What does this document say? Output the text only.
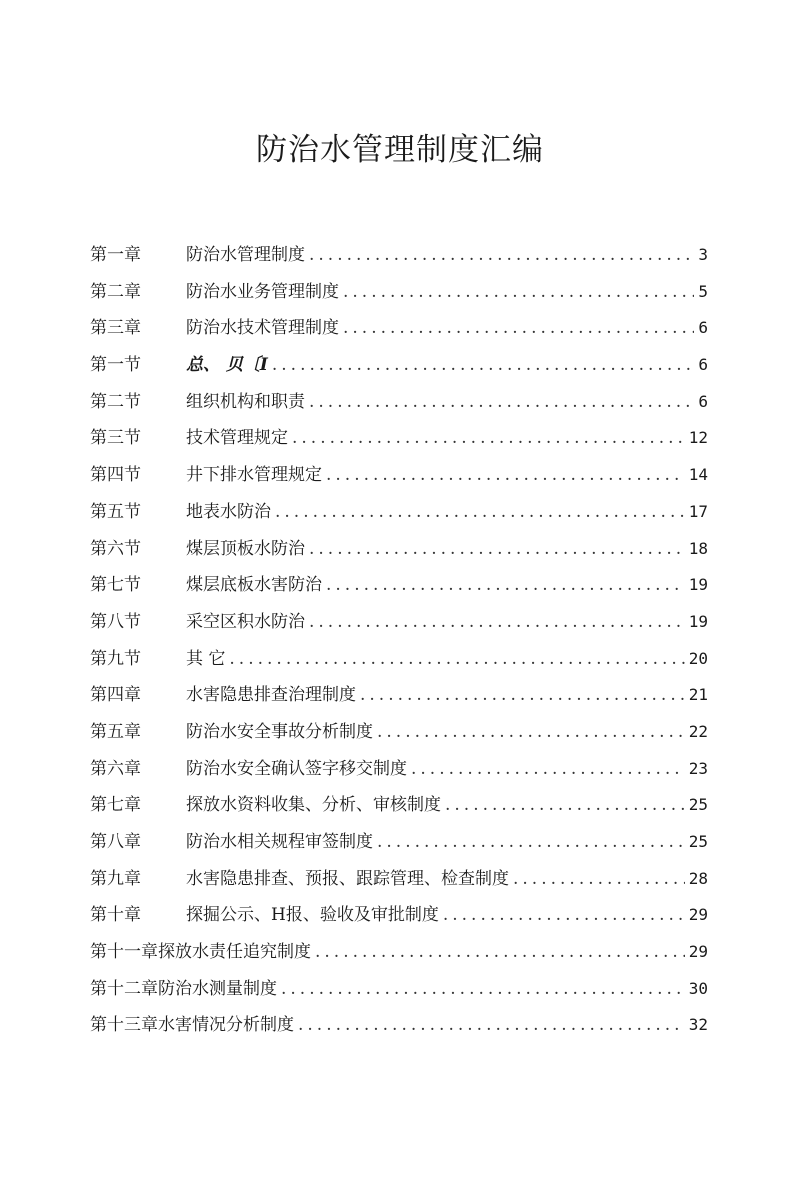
防治水管理制度汇编
第一章	防治水管理制度 .....	3
第二章	防治水业务管理制度 .....	5
第三章	防治水技术管理制度 .....	6
第一节	总、 贝〔I .....	6
第二节	组织机构和职责 .....	6
第三节	技术管理规定 .....	12
第四节	井下排水管理规定 .....	14
第五节	地表水防治 .....	17
第六节	煤层顶板水防治 .....	18
第七节	煤层底板水害防治 .....	19
第八节	采空区积水防治 .....	19
第九节	其 它 .....	20
第四章	水害隐患排查治理制度 .....	21
第五章	防治水安全事故分析制度 .....	22
第六章	防治水安全确认签字移交制度 .....	23
第七章	探放水资料收集、分析、审核制度 .....	25
第八章	防治水相关规程审签制度 .....	25
第九章	水害隐患排查、预报、跟踪管理、检查制度 .....	28
第十章	探掘公示、H报、验收及审批制度 .....	29
第十一章 探放水责任追究制度 .....	29
第十二章 防治水测量制度 .....	30
第十三章 水害情况分析制度 .....	32
